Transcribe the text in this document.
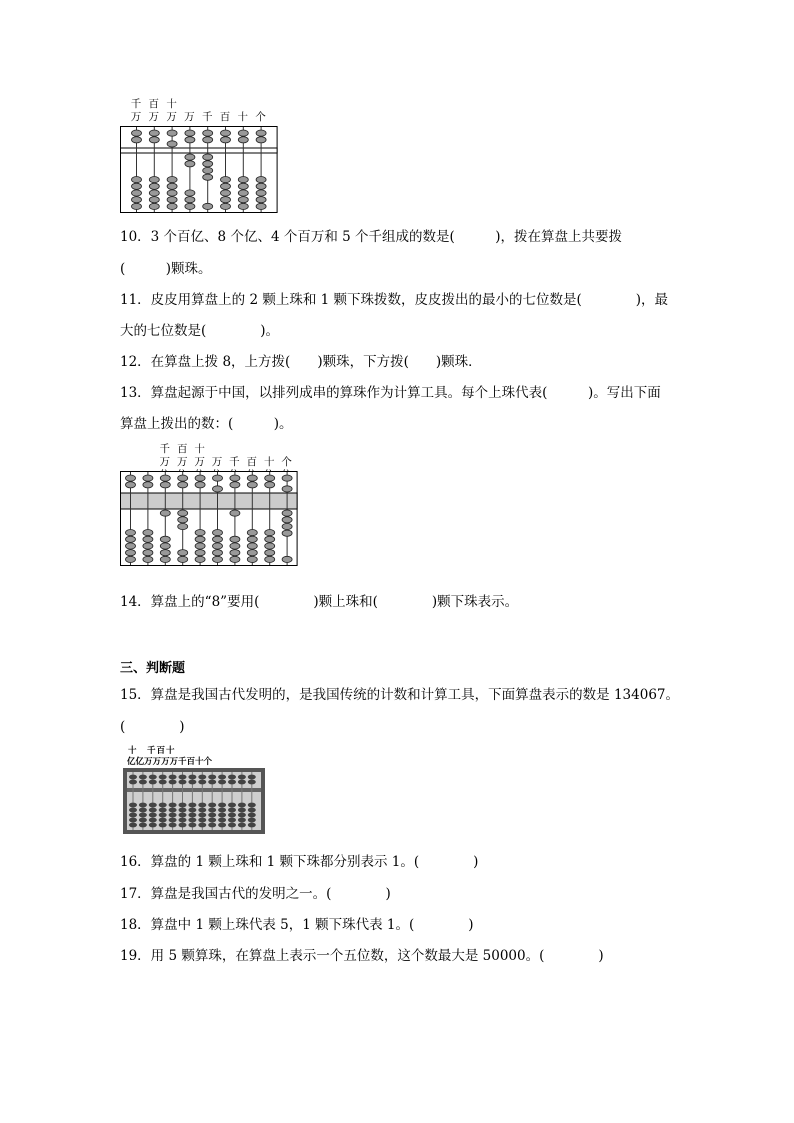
千
万
百
万
十
万 万 千 百 十 个
10．3 个百亿、8 个亿、4 个百万和 5 个千组成的数是(　　　)，拨在算盘上共要拨
(　　　)颗珠。
11．皮皮用算盘上的 2 颗上珠和 1 颗下珠拨数，皮皮拨出的最小的七位数是(　　　　)，最
大的七位数是(　　　　)。
12．在算盘上拨 8，上方拨(　　)颗珠，下方拨(　　)颗珠．
13．算盘起源于中国，以排列成串的算珠作为计算工具。每个上珠代表(　　　)。写出下面
算盘上拨出的数：(　　　)。
千
万
百
万
十
万 万 千 百 十 个
14．算盘上的“8”要用(　　　　)颗上珠和(　　　　)颗下珠表示。
三、判断题
15．算盘是我国古代发明的，是我国传统的计数和计算工具，下面算盘表示的数是 134067。
(　　　　)
十　千百十
亿亿万万万万千百十个
16．算盘的 1 颗上珠和 1 颗下珠都分别表示 1。(　　　　)
17．算盘是我国古代的发明之一。(　　　　)
18．算盘中 1 颗上珠代表 5，1 颗下珠代表 1。(　　　　)
19．用 5 颗算珠，在算盘上表示一个五位数，这个数最大是 50000。(　　　　)
